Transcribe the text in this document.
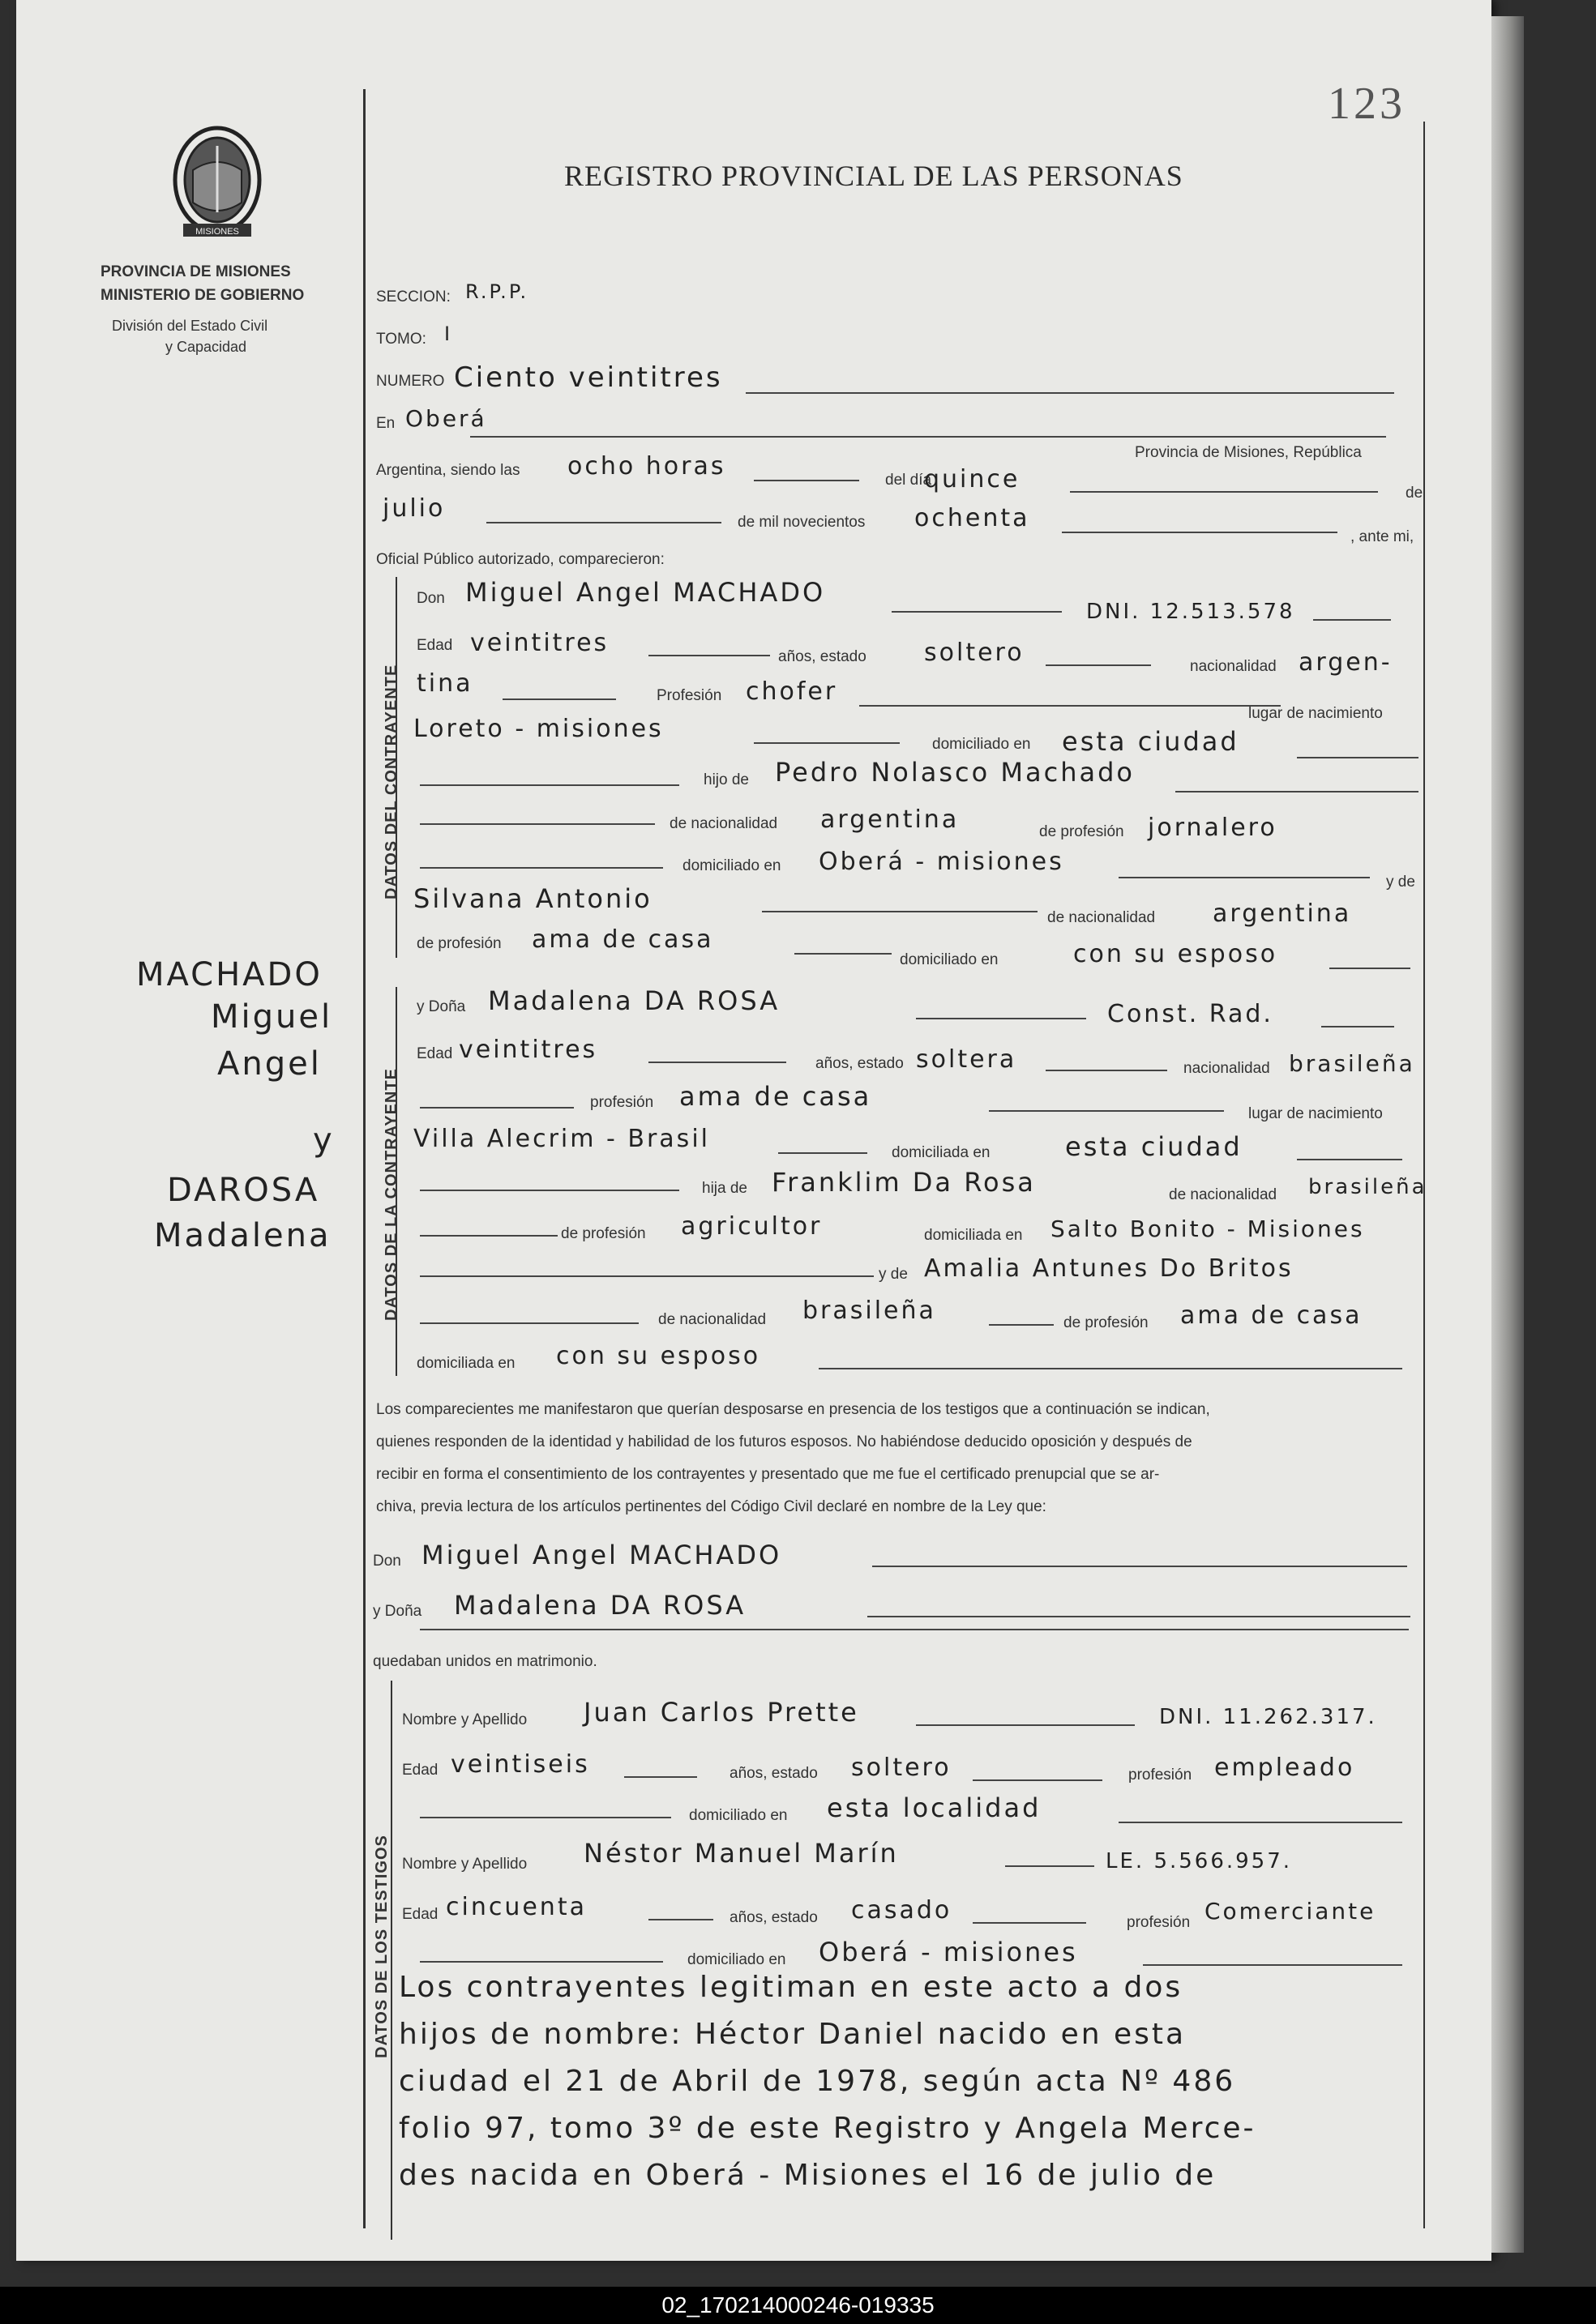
MISIONES
PROVINCIA DE MISIONES
MINISTERIO DE GOBIERNO
División del Estado Civil
y Capacidad
MACHADO
Miguel
Angel
y
DAROSA
Madalena
123
REGISTRO PROVINCIAL DE LAS PERSONAS
SECCION: R.P.P.
TOMO: I
NUMERO Ciento veintitres
En Oberá
Provincia de Misiones, República
Argentina, siendo las ocho horas	del día
quince	de
julio	de mil novecientos ochenta
, ante mi,
Oficial Público autorizado, comparecieron:
DATOS DEL CONTRAYENTE
Don Miguel Angel MACHADO
DNI. 12.513.578
Edad veintitres	años, estado soltero	nacionalidad argen-
tina	Profesión chofer
lugar de nacimiento
Loreto - misiones
domiciliado en esta ciudad
hijo de Pedro Nolasco Machado
de nacionalidad argentina	de profesión jornalero
domiciliado en Oberá - misiones
y de
Silvana Antonio
de nacionalidad argentina
de profesión ama de casa
domiciliado en	con su esposo
DATOS DE LA CONTRAYENTE
y Doña Madalena DA ROSA	Const. Rad.
Edad veintitres	años, estado soltera	nacionalidad brasileña
profesión ama de casa
lugar de nacimiento
Villa Alecrim - Brasil	domiciliada en	esta ciudad
hija de Franklim Da Rosa	de nacionalidad brasileña
de profesión agricultor	domiciliada en Salto Bonito - Misiones
y de Amalia Antunes Do Britos
de nacionalidad brasileña	de profesión ama de casa
domiciliada en con su esposo
Los comparecientes me manifestaron que querían desposarse en presencia de los testigos que a continuación se indican,
quienes responden de la identidad y habilidad de los futuros esposos. No habiéndose deducido oposición y después de
recibir en forma el consentimiento de los contrayentes y presentado que me fue el certificado prenupcial que se ar-
chiva, previa lectura de los artículos pertinentes del Código Civil declaré en nombre de la Ley que:
Don Miguel Angel MACHADO
y Doña Madalena DA ROSA
quedaban unidos en matrimonio.
DATOS DE LOS TESTIGOS
Nombre y Apellido Juan Carlos Prette	DNI. 11.262.317.
Edad veintiseis	años, estado soltero	profesión empleado
domiciliado en esta localidad
Nombre y Apellido Néstor Manuel Marín	LE. 5.566.957.
Edad cincuenta	años, estado casado	profesión Comerciante
domiciliado en Oberá - misiones
Los contrayentes legitiman en este acto a dos
hijos de nombre: Héctor Daniel nacido en esta
ciudad el 21 de Abril de 1978, según acta Nº 486
folio 97, tomo 3º de este Registro y Angela Merce-
des nacida en Oberá - Misiones el 16 de julio de
02_170214000246-019335
